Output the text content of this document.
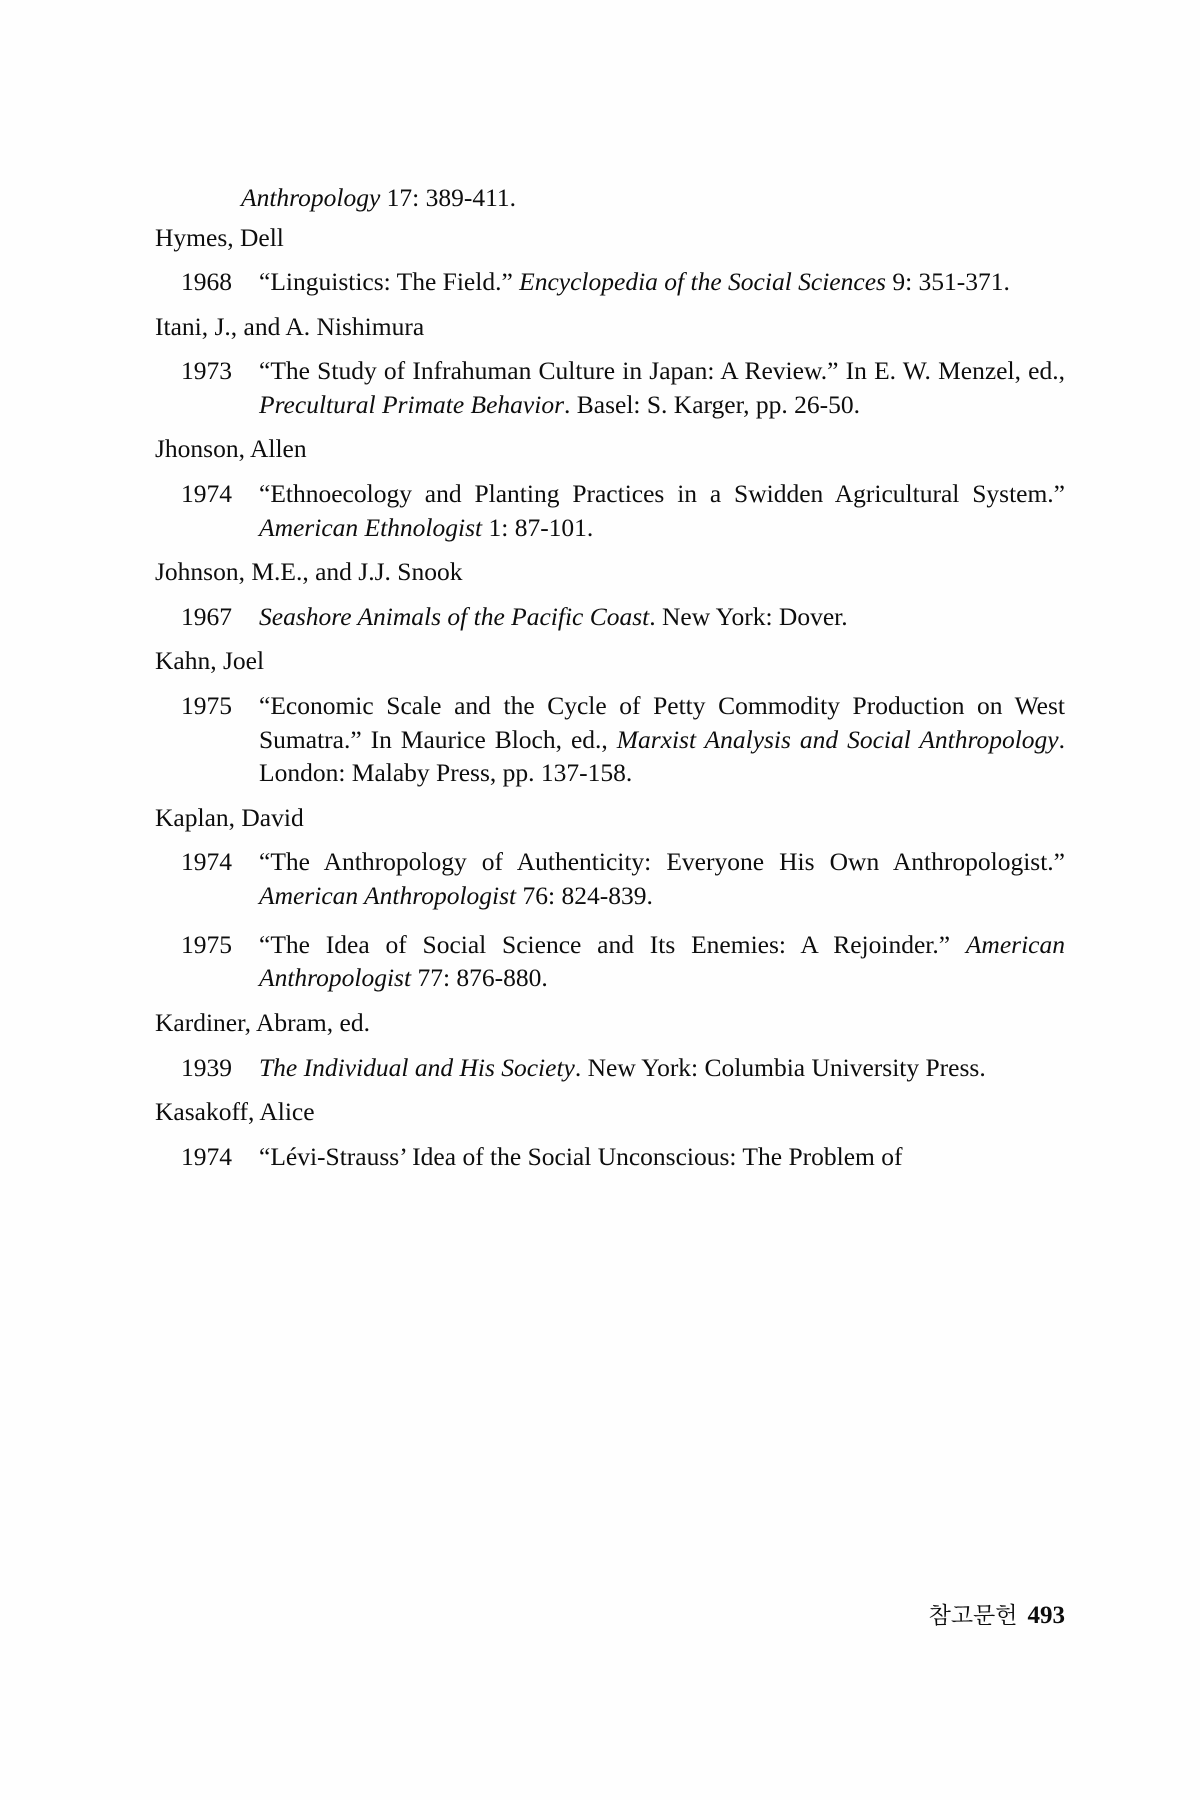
Anthropology 17: 389-411.
Hymes, Dell
1968	“Linguistics: The Field.” Encyclopedia of the Social Sciences 9: 351-371.
Itani, J., and A. Nishimura
1973	“The Study of Infrahuman Culture in Japan: A Review.” In E. W. Menzel, ed., Precultural Primate Behavior. Basel: S. Karger, pp. 26-50.
Jhonson, Allen
1974	“Ethnoecology and Planting Practices in a Swidden Agricultural System.” American Ethnologist 1: 87-101.
Johnson, M.E., and J.J. Snook
1967	Seashore Animals of the Pacific Coast. New York: Dover.
Kahn, Joel
1975	“Economic Scale and the Cycle of Petty Commodity Production on West Sumatra.” In Maurice Bloch, ed., Marxist Analysis and Social Anthropology. London: Malaby Press, pp. 137-158.
Kaplan, David
1974	“The Anthropology of Authenticity: Everyone His Own Anthropologist.” American Anthropologist 76: 824-839.
1975	“The Idea of Social Science and Its Enemies: A Rejoinder.” American Anthropologist 77: 876-880.
Kardiner, Abram, ed.
1939	The Individual and His Society. New York: Columbia University Press.
Kasakoff, Alice
1974	“Lévi-Strauss’ Idea of the Social Unconscious: The Problem of
참고문헌 493
